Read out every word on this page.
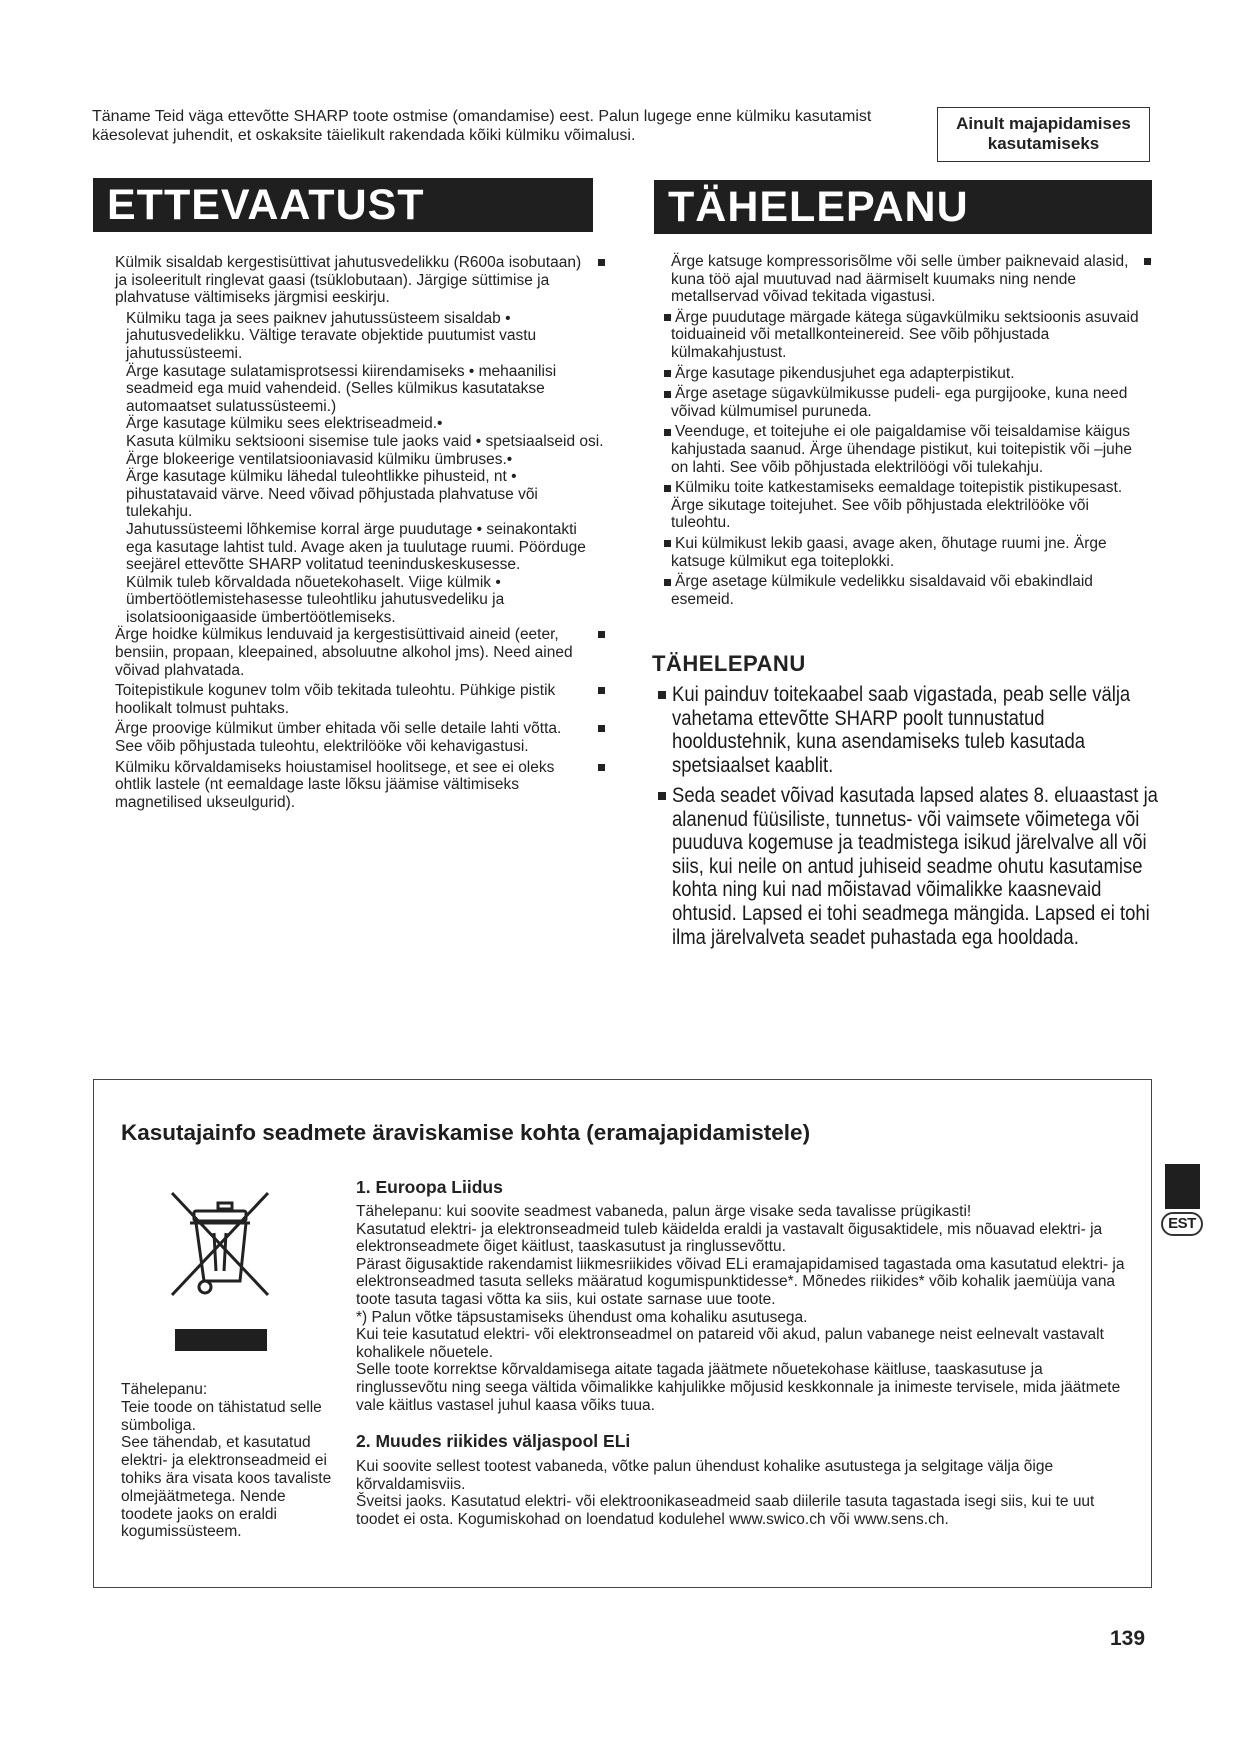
Täname Teid väga ettevõtte SHARP toote ostmise (omandamise) eest. Palun lugege enne külmiku kasutamist käesolevat juhendit, et oskaksite täielikult rakendada kõiki külmiku võimalusi.
Ainult majapidamises
kasutamiseks
ETTEVAATUST	TÄHELEPANU

Külmik sisaldab kergestisüttivat jahutusvedelikku (R600a isobutaan) ja isoleeritult ringlevat gaasi (tsüklobutaan). Järgige süttimise ja plahvatuse vältimiseks järgmisi eeskirju.

Külmiku taga ja sees paiknev jahutussüsteem sisaldab • jahutusvedelikku. Vältige teravate objektide puutumist vastu jahutussüsteemi.

Ärge kasutage sulatamisprotsessi kiirendamiseks • mehaanilisi seadmeid ega muid vahendeid. (Selles külmikus kasutatakse automaatset sulatussüsteemi.)

Ärge kasutage külmiku sees elektriseadmeid.•

Kasuta külmiku sektsiooni sisemise tule jaoks vaid • spetsiaalseid osi.

Ärge blokeerige ventilatsiooniavasid külmiku ümbruses.•

Ärge kasutage külmiku lähedal tuleohtlikke pihusteid, nt • pihustatavaid värve. Need võivad põhjustada plahvatuse või tulekahju.

Jahutussüsteemi lõhkemise korral ärge puudutage • seinakontakti ega kasutage lahtist tuld. Avage aken ja tuulutage ruumi. Pöörduge seejärel ettevõtte SHARP volitatud teeninduskeskusesse.

Külmik tuleb kõrvaldada nõuetekohaselt. Viige külmik • ümbertöötlemistehasesse tuleohtliku jahutusvedeliku ja isolatsioonigaaside ümbertöötlemiseks.

Ärge hoidke külmikus lenduvaid ja kergestisüttivaid aineid (eeter, bensiin, propaan, kleepained, absoluutne alkohol jms). Need ained võivad plahvatada.

Toitepistikule kogunev tolm võib tekitada tuleohtu. Pühkige pistik hoolikalt tolmust puhtaks.

Ärge proovige külmikut ümber ehitada või selle detaile lahti võtta. See võib põhjustada tuleohtu, elektrilööke või kehavigastusi.

Külmiku kõrvaldamiseks hoiustamisel hoolitsege, et see ei oleks ohtlik lastele (nt eemaldage laste lõksu jäämise vältimiseks magnetilised ukseulgurid).

Ärge katsuge kompressorisõlme või selle ümber paiknevaid alasid, kuna töö ajal muutuvad nad äärmiselt kuumaks ning nende metallservad võivad tekitada vigastusi.

Ärge puudutage märgade kätega sügavkülmiku sektsioonis asuvaid toiduaineid või metallkonteinereid. See võib põhjustada külmakahjustust.

Ärge kasutage pikendusjuhet ega adapterpistikut.

Ärge asetage sügavkülmikusse pudeli- ega purgijooke, kuna need võivad külmumisel puruneda.

Veenduge, et toitejuhe ei ole paigaldamise või teisaldamise käigus kahjustada saanud. Ärge ühendage pistikut, kui toitepistik või –juhe on lahti. See võib põhjustada elektrilöögi või tulekahju.

Külmiku toite katkestamiseks eemaldage toitepistik pistikupesast. Ärge sikutage toitejuhet. See võib põhjustada elektrilööke või tuleohtu.

Kui külmikust lekib gaasi, avage aken, õhutage ruumi jne. Ärge katsuge külmikut ega toiteplokki.

Ärge asetage külmikule vedelikku sisaldavaid või ebakindlaid esemeid.

TÄHELEPANU
Kui painduv toitekaabel saab vigastada, peab selle välja vahetama ettevõtte SHARP poolt tunnustatud hooldustehnik, kuna asendamiseks tuleb kasutada spetsiaalset kaablit.
Seda seadet võivad kasutada lapsed alates 8. eluaastast ja alanenud füüsiliste, tunnetus- või vaimsete võimetega või puuduva kogemuse ja teadmistega isikud järelvalve all või siis, kui neile on antud juhiseid seadme ohutu kasutamise kohta ning kui nad mõistavad võimalikke kaasnevaid ohtusid. Lapsed ei tohi seadmega mängida. Lapsed ei tohi ilma järelvalveta seadet puhastada ega hooldada.
Kasutajainfo seadmete äraviskamise kohta (eramajapidamistele)

Tähelepanu:

Teie toode on tähistatud selle sümboliga.

See tähendab, et kasutatud elektri- ja elektronseadmeid ei tohiks ära visata koos tavaliste olmejäätmetega. Nende toodete jaoks on eraldi kogumissüsteem.

1. Euroopa Liidus

Tähelepanu: kui soovite seadmest vabaneda, palun ärge visake seda tavalisse prügikasti!

Kasutatud elektri- ja elektronseadmeid tuleb käidelda eraldi ja vastavalt õigusaktidele, mis nõuavad elektri- ja elektronseadmete õiget käitlust, taaskasutust ja ringlussevõttu.

Pärast õigusaktide rakendamist liikmesriikides võivad ELi eramajapidamised tagastada oma kasutatud elektri- ja elektronseadmed tasuta selleks määratud kogumispunktidesse*. Mõnedes riikides* võib kohalik jaemüüja vana toote tasuta tagasi võtta ka siis, kui ostate sarnase uue toote.

*) Palun võtke täpsustamiseks ühendust oma kohaliku asutusega.

Kui teie kasutatud elektri- või elektronseadmel on patareid või akud, palun vabanege neist eelnevalt vastavalt kohalikele nõuetele.

Selle toote korrektse kõrvaldamisega aitate tagada jäätmete nõuetekohase käitluse, taaskasutuse ja ringlussevõtu ning seega vältida võimalikke kahjulikke mõjusid keskkonnale ja inimeste tervisele, mida jäätmete vale käitlus vastasel juhul kaasa võiks tuua.

2. Muudes riikides väljaspool ELi

Kui soovite sellest tootest vabaneda, võtke palun ühendust kohalike asutustega ja selgitage välja õige kõrvaldamisviis.

Šveitsi jaoks. Kasutatud elektri- või elektroonikaseadmeid saab diilerile tasuta tagastada isegi siis, kui te uut toodet ei osta. Kogumiskohad on loendatud kodulehel www.swico.ch või www.sens.ch.

EST
139
